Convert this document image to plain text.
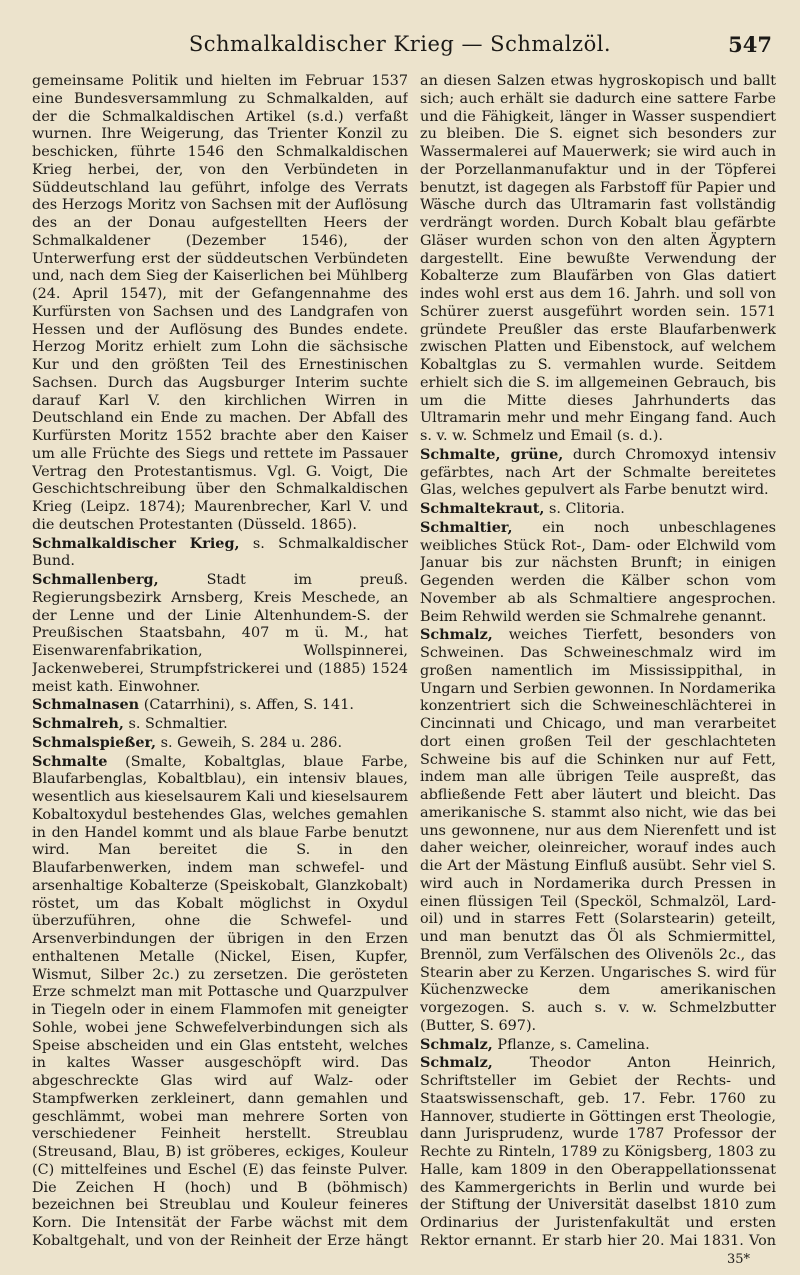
Schmalkaldischer Krieg — Schmalzöl.	547

gemeinsame Politik und hielten im Februar 1537 eine Bundesversammlung zu Schmalkalden, auf der die Schmalkaldischen Artikel (s.d.) verfaßt wurnen. Ihre Weigerung, das Trienter Konzil zu beschicken, führte 1546 den Schmalkaldischen Krieg herbei, der, von den Verbündeten in Süddeutschland lau geführt, infolge des Verrats des Herzogs Moritz von Sachsen mit der Auflösung des an der Donau aufgestellten Heers der Schmalkaldener (Dezember 1546), der Unterwerfung erst der süddeutschen Verbündeten und, nach dem Sieg der Kaiserlichen bei Mühlberg (24. April 1547), mit der Gefangennahme des Kurfürsten von Sachsen und des Landgrafen von Hessen und der Auflösung des Bundes endete. Herzog Moritz erhielt zum Lohn die sächsische Kur und den größten Teil des Ernestinischen Sachsen. Durch das Augsburger Interim suchte darauf Karl V. den kirchlichen Wirren in Deutschland ein Ende zu machen. Der Abfall des Kurfürsten Moritz 1552 brachte aber den Kaiser um alle Früchte des Siegs und rettete im Passauer Vertrag den Protestantismus. Vgl. G. Voigt, Die Geschichtschreibung über den Schmalkaldischen Krieg (Leipz. 1874); Maurenbrecher, Karl V. und die deutschen Protestanten (Düsseld. 1865).

Schmalkaldischer Krieg, s. Schmalkaldischer Bund.

Schmallenberg,	Stadt im preuß. Regierungsbezirk Arnsberg, Kreis Meschede, an der Lenne und der Linie Altenhundem-S. der Preußischen Staatsbahn, 407 m ü. M., hat Eisenwarenfabrikation, Wollspinnerei, Jackenweberei, Strumpfstrickerei und (1885) 1524 meist kath. Einwohner.

Schmalnasen (Catarrhini), s. Affen, S. 141.

Schmalreh, s. Schmaltier.

Schmalspießer, s. Geweih, S. 284 u. 286.

Schmalte (Smalte, Kobaltglas, blaue Farbe, Blaufarbenglas, Kobaltblau), ein intensiv blaues, wesentlich aus kieselsaurem Kali und kieselsaurem Kobaltoxydul bestehendes Glas, welches gemahlen in den Handel kommt und als blaue Farbe benutzt wird. Man bereitet die S. in den Blaufarbenwerken, indem man schwefel- und arsenhaltige Kobalterze (Speiskobalt, Glanzkobalt) röstet, um das Kobalt möglichst in Oxydul überzuführen, ohne die Schwefel- und Arsenverbindungen der übrigen in den Erzen enthaltenen Metalle (Nickel, Eisen, Kupfer, Wismut, Silber 2c.) zu zersetzen. Die gerösteten Erze schmelzt man mit Pottasche und Quarzpulver in Tiegeln oder in einem Flammofen mit geneigter Sohle, wobei jene Schwefelverbindungen sich als Speise abscheiden und ein Glas entsteht, welches in kaltes Wasser ausgeschöpft wird. Das abgeschreckte Glas wird auf Walz- oder Stampfwerken zerkleinert, dann gemahlen und geschlämmt, wobei man mehrere Sorten von verschiedener Feinheit herstellt. Streublau (Streusand, Blau, B) ist gröberes, eckiges, Kouleur (C) mittelfeines und Eschel (E) das feinste Pulver. Die Zeichen H (hoch) und B (böhmisch) bezeichnen bei Streublau und Kouleur feineres Korn. Die Intensität der Farbe wächst mit dem Kobaltgehalt, und von der Reinheit der Erze hängt

an diesen Salzen etwas hygroskopisch und ballt sich; auch erhält sie dadurch eine sattere Farbe und die Fähigkeit, länger in Wasser suspendiert zu bleiben. Die S. eignet sich besonders zur Wassermalerei auf Mauerwerk; sie wird auch in der Porzellanmanufaktur und in der Töpferei benutzt, ist dagegen als Farbstoff für Papier und Wäsche durch das Ultramarin fast vollständig verdrängt worden. Durch Kobalt blau gefärbte Gläser wurden schon von den alten Ägyptern dargestellt. Eine bewußte Verwendung der Kobalterze zum Blaufärben von Glas datiert indes wohl erst aus dem 16. Jahrh. und soll von Schürer zuerst ausgeführt worden sein. 1571 gründete Preußler das erste Blaufarbenwerk zwischen Platten und Eibenstock, auf welchem Kobaltglas zu S. vermahlen wurde. Seitdem erhielt sich die S. im allgemeinen Gebrauch, bis um die Mitte dieses Jahrhunderts das Ultramarin mehr und mehr Eingang fand. Auch s. v. w. Schmelz und Email (s. d.).

Schmalte, grüne, durch Chromoxyd intensiv gefärbtes, nach Art der Schmalte bereitetes Glas, welches gepulvert als Farbe benutzt wird.

Schmaltekraut, s. Clitoria.

Schmaltier, ein noch unbeschlagenes weibliches Stück Rot-, Dam- oder Elchwild vom Januar bis zur nächsten Brunft; in einigen Gegenden werden die Kälber schon vom November ab als Schmaltiere angesprochen. Beim Rehwild werden sie Schmalrehe genannt.

Schmalz, weiches Tierfett, besonders von Schweinen. Das Schweineschmalz wird im großen namentlich im Mississippithal, in Ungarn und Serbien gewonnen. In Nordamerika konzentriert sich die Schweineschlächterei in Cincinnati und Chicago, und man verarbeitet dort einen großen Teil der geschlachteten Schweine bis auf die Schinken nur auf Fett, indem man alle übrigen Teile auspreßt, das abfließende Fett aber läutert und bleicht. Das amerikanische S. stammt also nicht, wie das bei uns gewonnene, nur aus dem Nierenfett und ist daher weicher, oleinreicher, worauf indes auch die Art der Mästung Einfluß ausübt. Sehr viel S. wird auch in Nordamerika durch Pressen in einen flüssigen Teil (Specköl, Schmalzöl, Lard-oil) und in starres Fett (Solarstearin) geteilt, und man benutzt das Öl als Schmiermittel, Brennöl, zum Verfälschen des Olivenöls 2c., das Stearin aber zu Kerzen. Ungarisches S. wird für Küchenzwecke dem amerikanischen vorgezogen. S. auch s. v. w. Schmelzbutter (Butter, S. 697).

Schmalz, Pflanze, s. Camelina.

Schmalz,	Theodor Anton Heinrich, Schriftsteller im Gebiet der Rechts- und Staatswissenschaft, geb. 17. Febr. 1760 zu Hannover, studierte in Göttingen erst Theologie, dann Jurisprudenz, wurde 1787 Professor der Rechte zu Rinteln, 1789 zu Königsberg, 1803 zu Halle, kam 1809 in den Oberappellationssenat des Kammergerichts in Berlin und wurde bei der Stiftung der Universität daselbst 1810 zum Ordinarius der Juristenfakultät und ersten Rektor ernannt. Er starb hier 20. Mai 1831. Von

35*
